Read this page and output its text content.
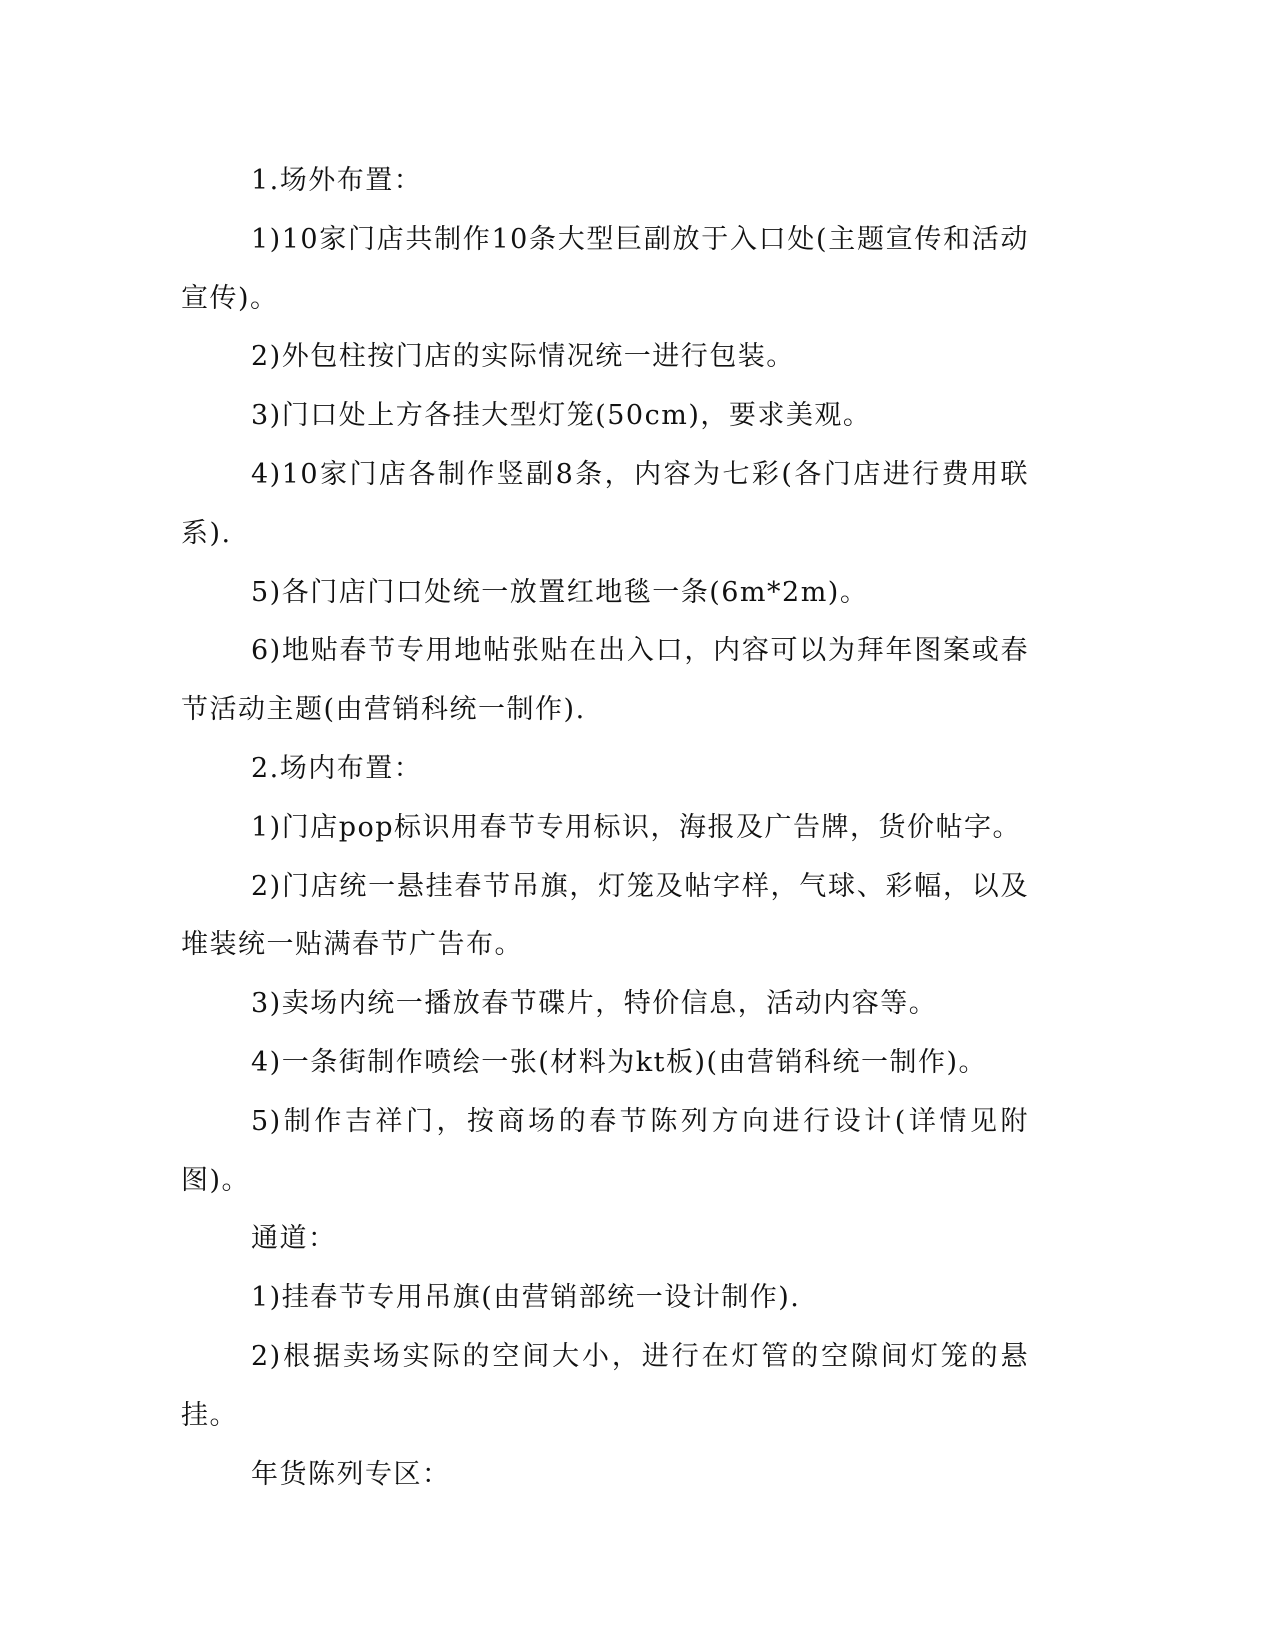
1.场外布置：

1)10家门店共制作10条大型巨副放于入口处(主题宣传和活动宣传)。

2)外包柱按门店的实际情况统一进行包装。

3)门口处上方各挂大型灯笼(50cm)，要求美观。

4)10家门店各制作竖副8条，内容为七彩(各门店进行费用联系).

5)各门店门口处统一放置红地毯一条(6m*2m)。

6)地贴春节专用地帖张贴在出入口，内容可以为拜年图案或春节活动主题(由营销科统一制作).

2.场内布置：

1)门店pop标识用春节专用标识，海报及广告牌，货价帖字。

2)门店统一悬挂春节吊旗，灯笼及帖字样，气球、彩幅，以及堆装统一贴满春节广告布。

3)卖场内统一播放春节碟片，特价信息，活动内容等。

4)一条街制作喷绘一张(材料为kt板)(由营销科统一制作)。

5)制作吉祥门，按商场的春节陈列方向进行设计(详情见附图)。

通道：

1)挂春节专用吊旗(由营销部统一设计制作).

2)根据卖场实际的空间大小，进行在灯管的空隙间灯笼的悬挂。

年货陈列专区：
